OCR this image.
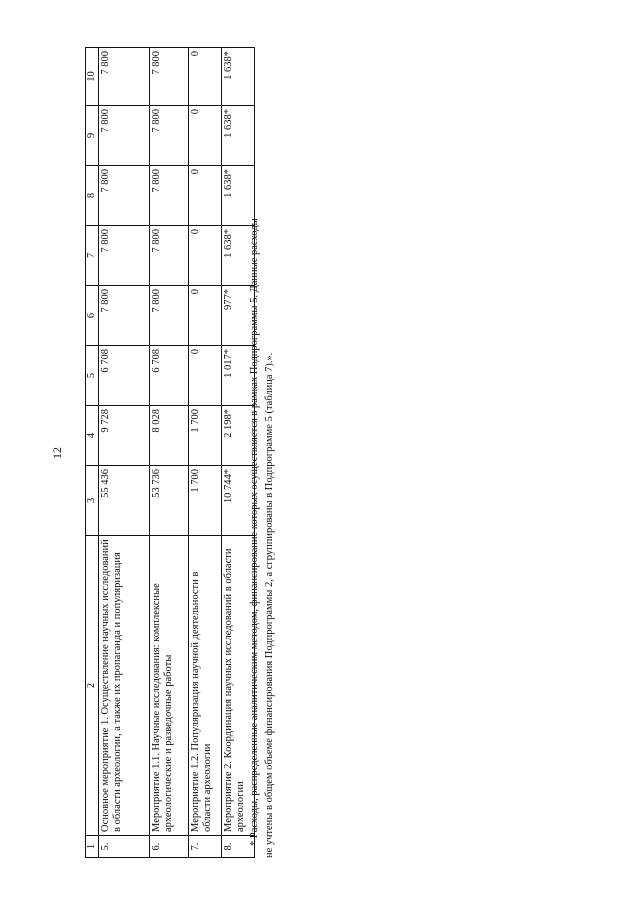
12
1	2	3	4	5	6	7	8	9	10
5.	Основное мероприятие 1. Осуществление научных исследований в области археологии, а также их пропаганда и популяризация	55 436	9 728	6 708	7 800	7 800	7 800	7 800	7 800
6.	Мероприятие 1.1. Научные исследования: комплексные археологические и разведочные работы	53 736	8 028	6 708	7 800	7 800	7 800	7 800	7 800
7.	Мероприятие 1.2. Популяризация научной деятельности в области археологии	1 700	1 700	0	0	0	0	0	0
8.	Мероприятие 2. Координация научных исследований в области археологии	10 744*	2 198*	1 017*	977*	1 638*	1 638*	1 638*	1 638*
* Расходы, распределенные аналитическим методом, финансирование которых осуществляется в рамках Подпрограммы 5. Данные расходы не учтены в общем объеме финансирования Подпрограммы 2, а сгруппированы в Подпрограмме 5 (таблица 7).».
